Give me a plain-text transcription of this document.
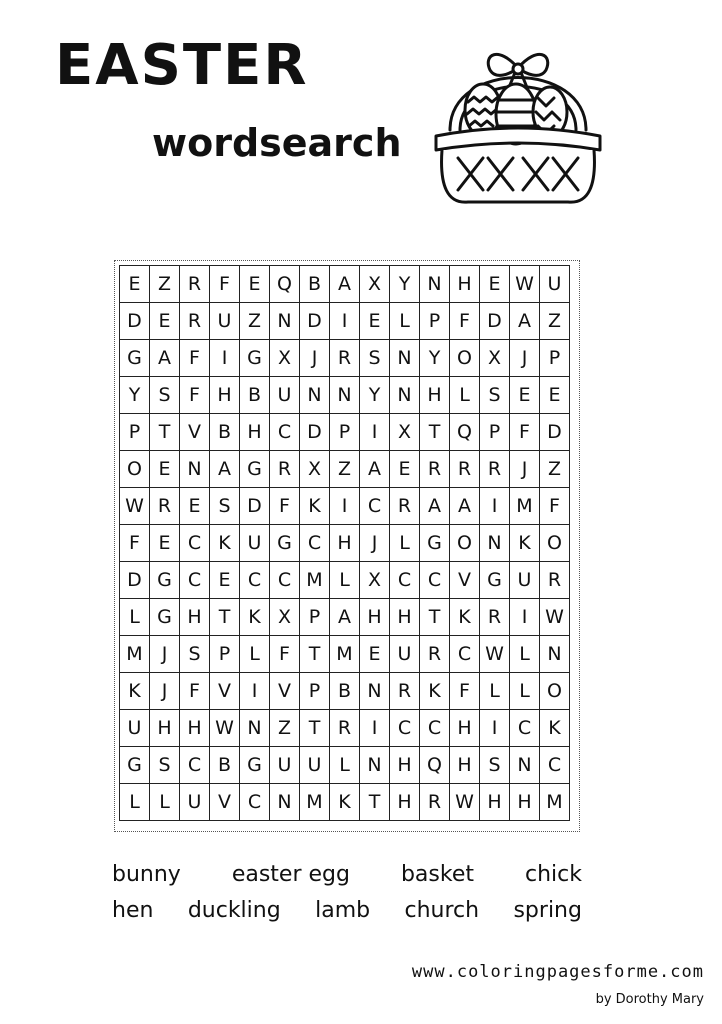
EASTER
wordsearch
E Z R F E Q B A X Y N H E W U
D E R U Z N D	I	E L P F D A Z
G A F	I	G X	J	R S N Y O X	J	P
Y S F H B U N N Y N H L S E E
P T V B H C D P	I	X T Q P F D
O E N A G R X Z A E R R R	J	Z
W R E S D F K	I	C R A A	I	M F
F E C K U G C H	J	L G O N K O
D G C E C C M L X C C V G U R
L G H T K X P A H H T K R	I W
M J	S P L	F T M E U R C W L N
K	J	F V	I	V P B N R K F	L	L O
U H H W N Z T R	I	C C H	I	C K
G S C B G U U L N H Q H S N C
L	L U V C N M K T H R W H H M
bunny easter egg basket chick
hen duckling lamb church spring
www.coloringpagesforme.com
by Dorothy Mary
